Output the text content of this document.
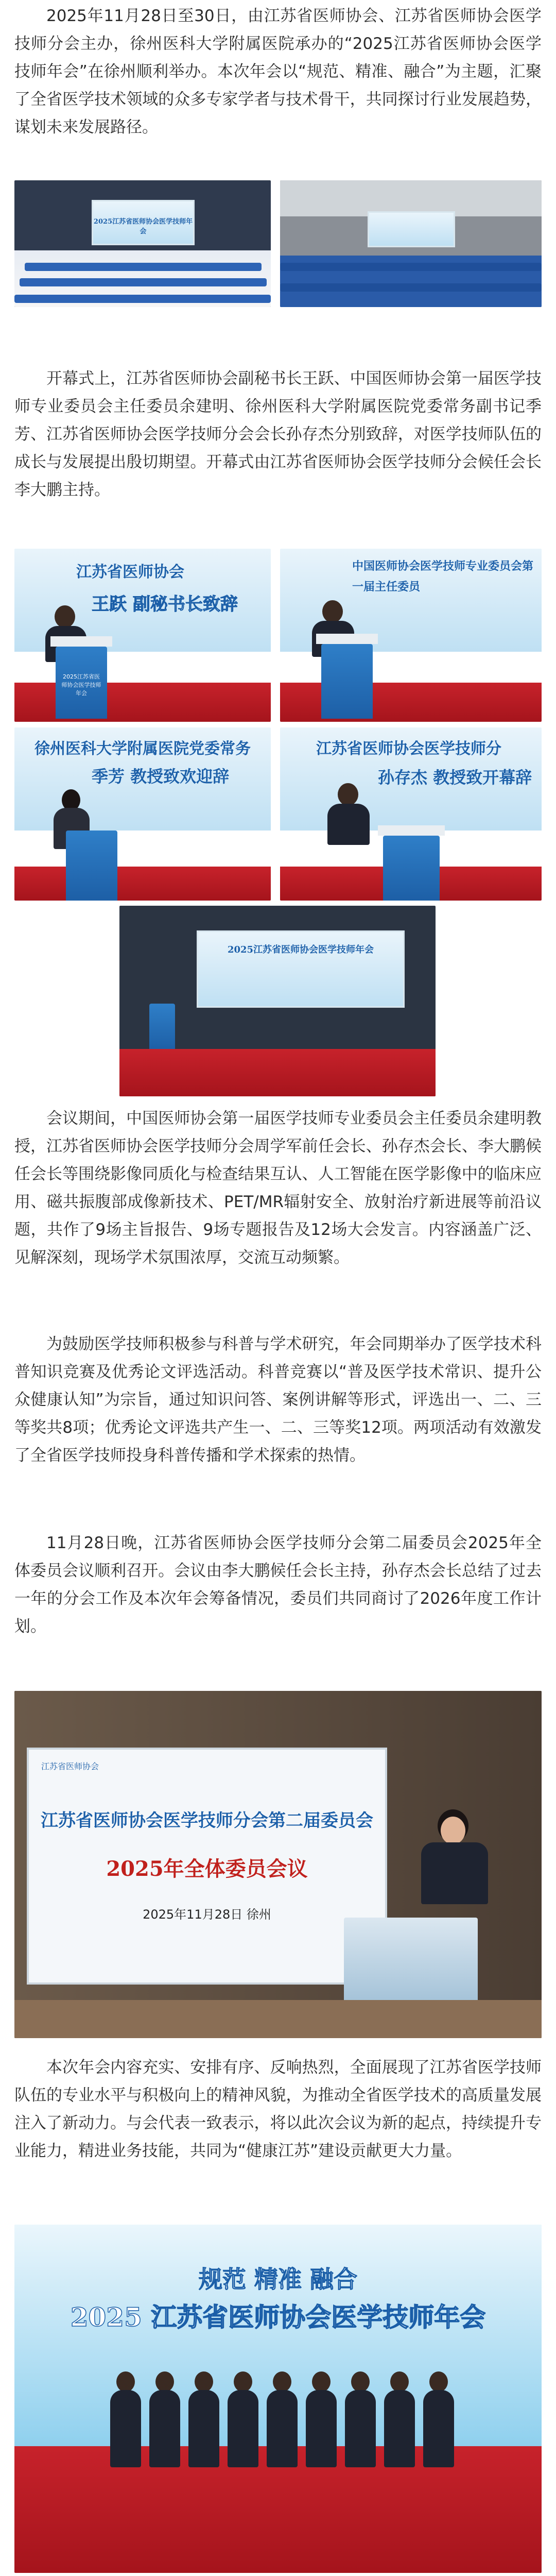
2025年11月28日至30日，由江苏省医师协会、江苏省医师协会医学技师分会主办，徐州医科大学附属医院承办的“2025江苏省医师协会医学技师年会”在徐州顺利举办。本次年会以“规范、精准、融合”为主题，汇聚了全省医学技术领域的众多专家学者与技术骨干，共同探讨行业发展趋势，谋划未来发展路径。

2025江苏省医师协会医学技师年会

开幕式上，江苏省医师协会副秘书长王跃、中国医师协会第一届医学技师专业委员会主任委员余建明、徐州医科大学附属医院党委常务副书记季芳、江苏省医师协会医学技师分会会长孙存杰分别致辞，对医学技师队伍的成长与发展提出殷切期望。开幕式由江苏省医师协会医学技师分会候任会长李大鹏主持。

江苏省医师协会
王跃 副秘书长致辞
2025江苏省医师协会医学技师年会
中国医师协会医学技师专业委员会第一届主任委员
徐州医科大学附属医院党委常务
季芳 教授致欢迎辞
江苏省医师协会医学技师分
孙存杰 教授致开幕辞
2025江苏省医师协会医学技师年会

会议期间，中国医师协会第一届医学技师专业委员会主任委员余建明教授，江苏省医师协会医学技师分会周学军前任会长、孙存杰会长、李大鹏候任会长等围绕影像同质化与检查结果互认、人工智能在医学影像中的临床应用、磁共振腹部成像新技术、PET/MR辐射安全、放射治疗新进展等前沿议题，共作了9场主旨报告、9场专题报告及12场大会发言。内容涵盖广泛、见解深刻，现场学术氛围浓厚，交流互动频繁。

为鼓励医学技师积极参与科普与学术研究，年会同期举办了医学技术科普知识竞赛及优秀论文评选活动。科普竞赛以“普及医学技术常识、提升公众健康认知”为宗旨，通过知识问答、案例讲解等形式，评选出一、二、三等奖共8项；优秀论文评选共产生一、二、三等奖12项。两项活动有效激发了全省医学技师投身科普传播和学术探索的热情。

11月28日晚，江苏省医师协会医学技师分会第二届委员会2025年全体委员会议顺利召开。会议由李大鹏候任会长主持，孙存杰会长总结了过去一年的分会工作及本次年会筹备情况，委员们共同商讨了2026年度工作计划。

江苏省医师协会
江苏省医师协会医学技师分会第二届委员会
2025年全体委员会议
2025年11月28日 徐州

本次年会内容充实、安排有序、反响热烈，全面展现了江苏省医学技师队伍的专业水平与积极向上的精神风貌，为推动全省医学技术的高质量发展注入了新动力。与会代表一致表示，将以此次会议为新的起点，持续提升专业能力，精进业务技能，共同为“健康江苏”建设贡献更大力量。

规范 精准 融合
2025 江苏省医师协会医学技师年会
